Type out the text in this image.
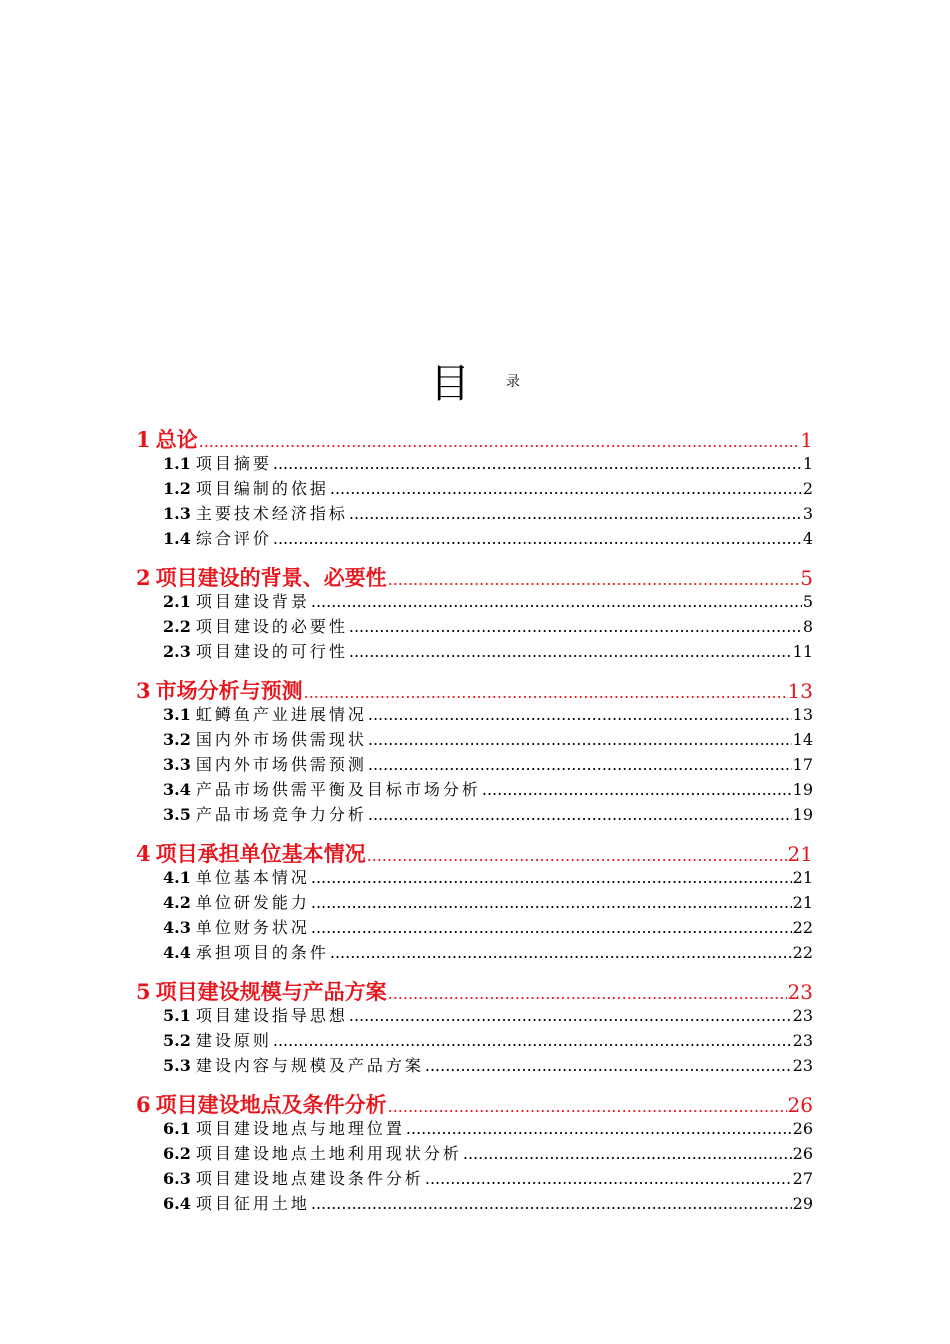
目	录
1 总论 .....	1
1.1 项目摘要 .....	1
1.2 项目编制的依据 .....	2
1.3 主要技术经济指标 .....	3
1.4 综合评价 .....	4
2 项目建设的背景、必要性 .....	5
2.1 项目建设背景 .....	5
2.2 项目建设的必要性 .....	8
2.3 项目建设的可行性 .....	11
3 市场分析与预测 .....	13
3.1 虹鳟鱼产业进展情况 .....	13
3.2 国内外市场供需现状 .....	14
3.3 国内外市场供需预测 .....	17
3.4 产品市场供需平衡及目标市场分析 .....	19
3.5 产品市场竞争力分析 .....	19
4 项目承担单位基本情况 .....	21
4.1 单位基本情况 .....	21
4.2 单位研发能力 .....	21
4.3 单位财务状况 .....	22
4.4 承担项目的条件 .....	22
5 项目建设规模与产品方案 .....	23
5.1 项目建设指导思想 .....	23
5.2 建设原则 .....	23
5.3 建设内容与规模及产品方案 .....	23
6 项目建设地点及条件分析 .....	26
6.1 项目建设地点与地理位置 .....	26
6.2 项目建设地点土地利用现状分析 .....	26
6.3 项目建设地点建设条件分析 .....	27
6.4 项目征用土地 .....	29
